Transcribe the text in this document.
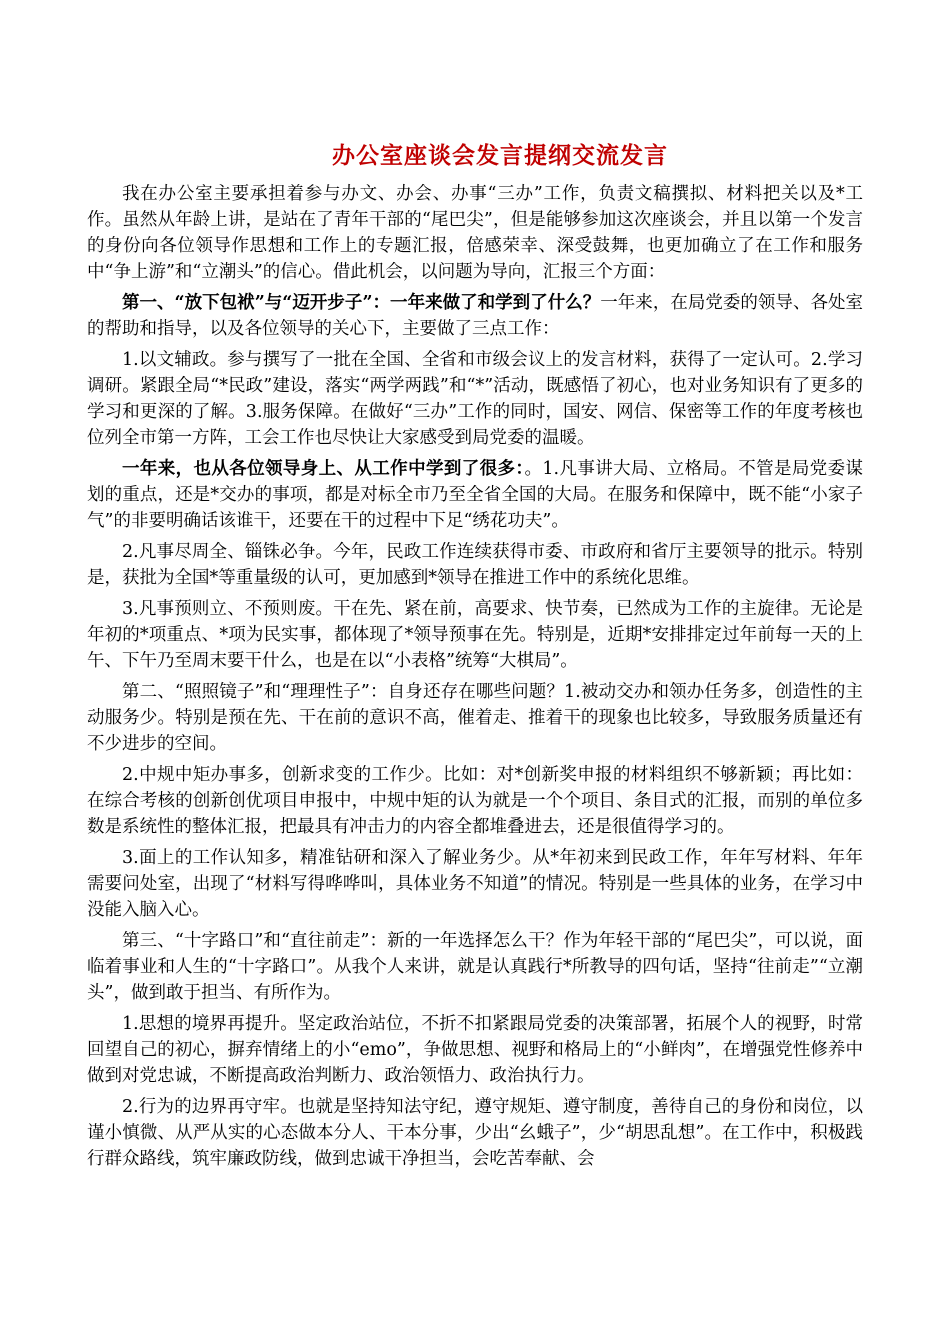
办公室座谈会发言提纲交流发言

我在办公室主要承担着参与办文、办会、办事“三办”工作，负责文稿撰拟、材料把关以及*工作。虽然从年龄上讲，是站在了青年干部的“尾巴尖”，但是能够参加这次座谈会，并且以第一个发言的身份向各位领导作思想和工作上的专题汇报，倍感荣幸、深受鼓舞，也更加确立了在工作和服务中“争上游”和“立潮头”的信心。借此机会，以问题为导向，汇报三个方面：

第一、“放下包袱”与“迈开步子”：一年来做了和学到了什么？一年来，在局党委的领导、各处室的帮助和指导，以及各位领导的关心下，主要做了三点工作：

1.以文辅政。参与撰写了一批在全国、全省和市级会议上的发言材料，获得了一定认可。2.学习调研。紧跟全局“*民政”建设，落实“两学两践”和“*”活动，既感悟了初心，也对业务知识有了更多的学习和更深的了解。3.服务保障。在做好“三办”工作的同时，国安、网信、保密等工作的年度考核也位列全市第一方阵，工会工作也尽快让大家感受到局党委的温暖。

一年来，也从各位领导身上、从工作中学到了很多：。1.凡事讲大局、立格局。不管是局党委谋划的重点，还是*交办的事项，都是对标全市乃至全省全国的大局。在服务和保障中，既不能“小家子气”的非要明确话该谁干，还要在干的过程中下足“绣花功夫”。

2.凡事尽周全、锱铢必争。今年，民政工作连续获得市委、市政府和省厅主要领导的批示。特别是，获批为全国*等重量级的认可，更加感到*领导在推进工作中的系统化思维。

3.凡事预则立、不预则废。干在先、紧在前，高要求、快节奏，已然成为工作的主旋律。无论是年初的*项重点、*项为民实事，都体现了*领导预事在先。特别是，近期*安排排定过年前每一天的上午、下午乃至周末要干什么，也是在以“小表格”统筹“大棋局”。

第二、“照照镜子”和“理理性子”：自身还存在哪些问题？1.被动交办和领办任务多，创造性的主动服务少。特别是预在先、干在前的意识不高，催着走、推着干的现象也比较多，导致服务质量还有不少进步的空间。

2.中规中矩办事多，创新求变的工作少。比如：对*创新奖申报的材料组织不够新颖；再比如：在综合考核的创新创优项目申报中，中规中矩的认为就是一个个项目、条目式的汇报，而别的单位多数是系统性的整体汇报，把最具有冲击力的内容全都堆叠进去，还是很值得学习的。

3.面上的工作认知多，精准钻研和深入了解业务少。从*年初来到民政工作，年年写材料、年年需要问处室，出现了“材料写得哗哗叫，具体业务不知道”的情况。特别是一些具体的业务，在学习中没能入脑入心。

第三、“十字路口”和“直往前走”：新的一年选择怎么干？作为年轻干部的“尾巴尖”，可以说，面临着事业和人生的“十字路口”。从我个人来讲，就是认真践行*所教导的四句话，坚持“往前走”“立潮头”，做到敢于担当、有所作为。

1.思想的境界再提升。坚定政治站位，不折不扣紧跟局党委的决策部署，拓展个人的视野，时常回望自己的初心，摒弃情绪上的小“emo”，争做思想、视野和格局上的“小鲜肉”，在增强党性修养中做到对党忠诚，不断提高政治判断力、政治领悟力、政治执行力。

2.行为的边界再守牢。也就是坚持知法守纪，遵守规矩、遵守制度，善待自己的身份和岗位，以谨小慎微、从严从实的心态做本分人、干本分事，少出“幺蛾子”，少“胡思乱想”。在工作中，积极践行群众路线，筑牢廉政防线，做到忠诚干净担当，会吃苦奉献、会
